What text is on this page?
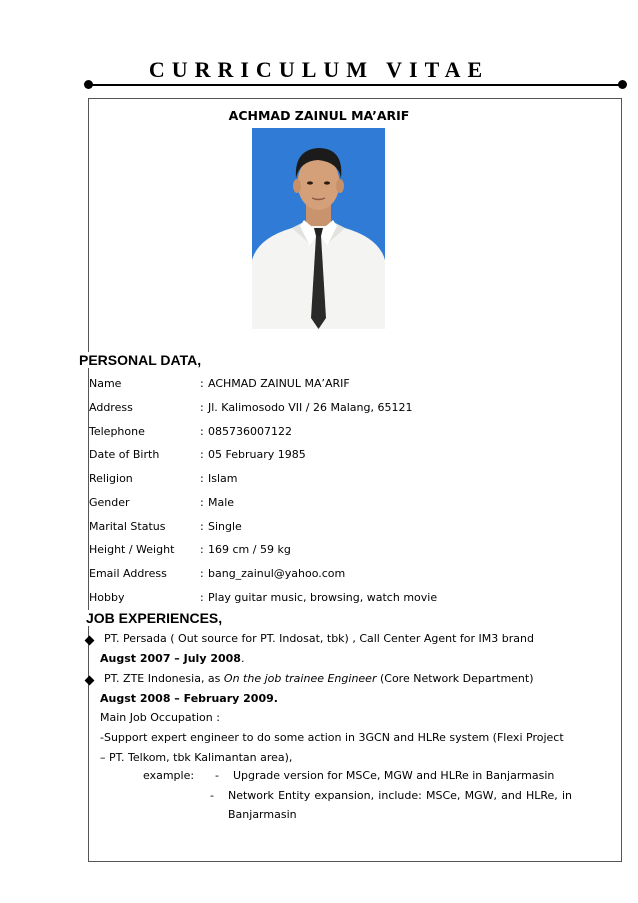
CURRICULUM VITAE
ACHMAD ZAINUL MA’ARIF
PERSONAL DATA,
Name	: ACHMAD ZAINUL MA’ARIF
Address	: Jl. Kalimosodo VII / 26 Malang, 65121
Telephone	: 085736007122
Date of Birth	: 05 February 1985
Religion	: Islam
Gender	: Male
Marital Status	: Single
Height / Weight : 169 cm / 59 kg
Email Address	: bang_zainul@yahoo.com
Hobby	: Play guitar music, browsing, watch movie
JOB EXPERIENCES,
PT. Persada ( Out source for PT. Indosat, tbk) , Call Center Agent for IM3 brand
Augst 2007 – July 2008.
PT. ZTE Indonesia, as On the job trainee Engineer (Core Network Department)
Augst 2008 – February 2009.
Main Job Occupation :
-Support expert engineer to do some action in 3GCN and HLRe system (Flexi Project – PT. Telkom, tbk Kalimantan area),
example: - Upgrade version for MSCe, MGW and HLRe in Banjarmasin
- Network Entity expansion, include: MSCe, MGW, and HLRe, in
Banjarmasin
